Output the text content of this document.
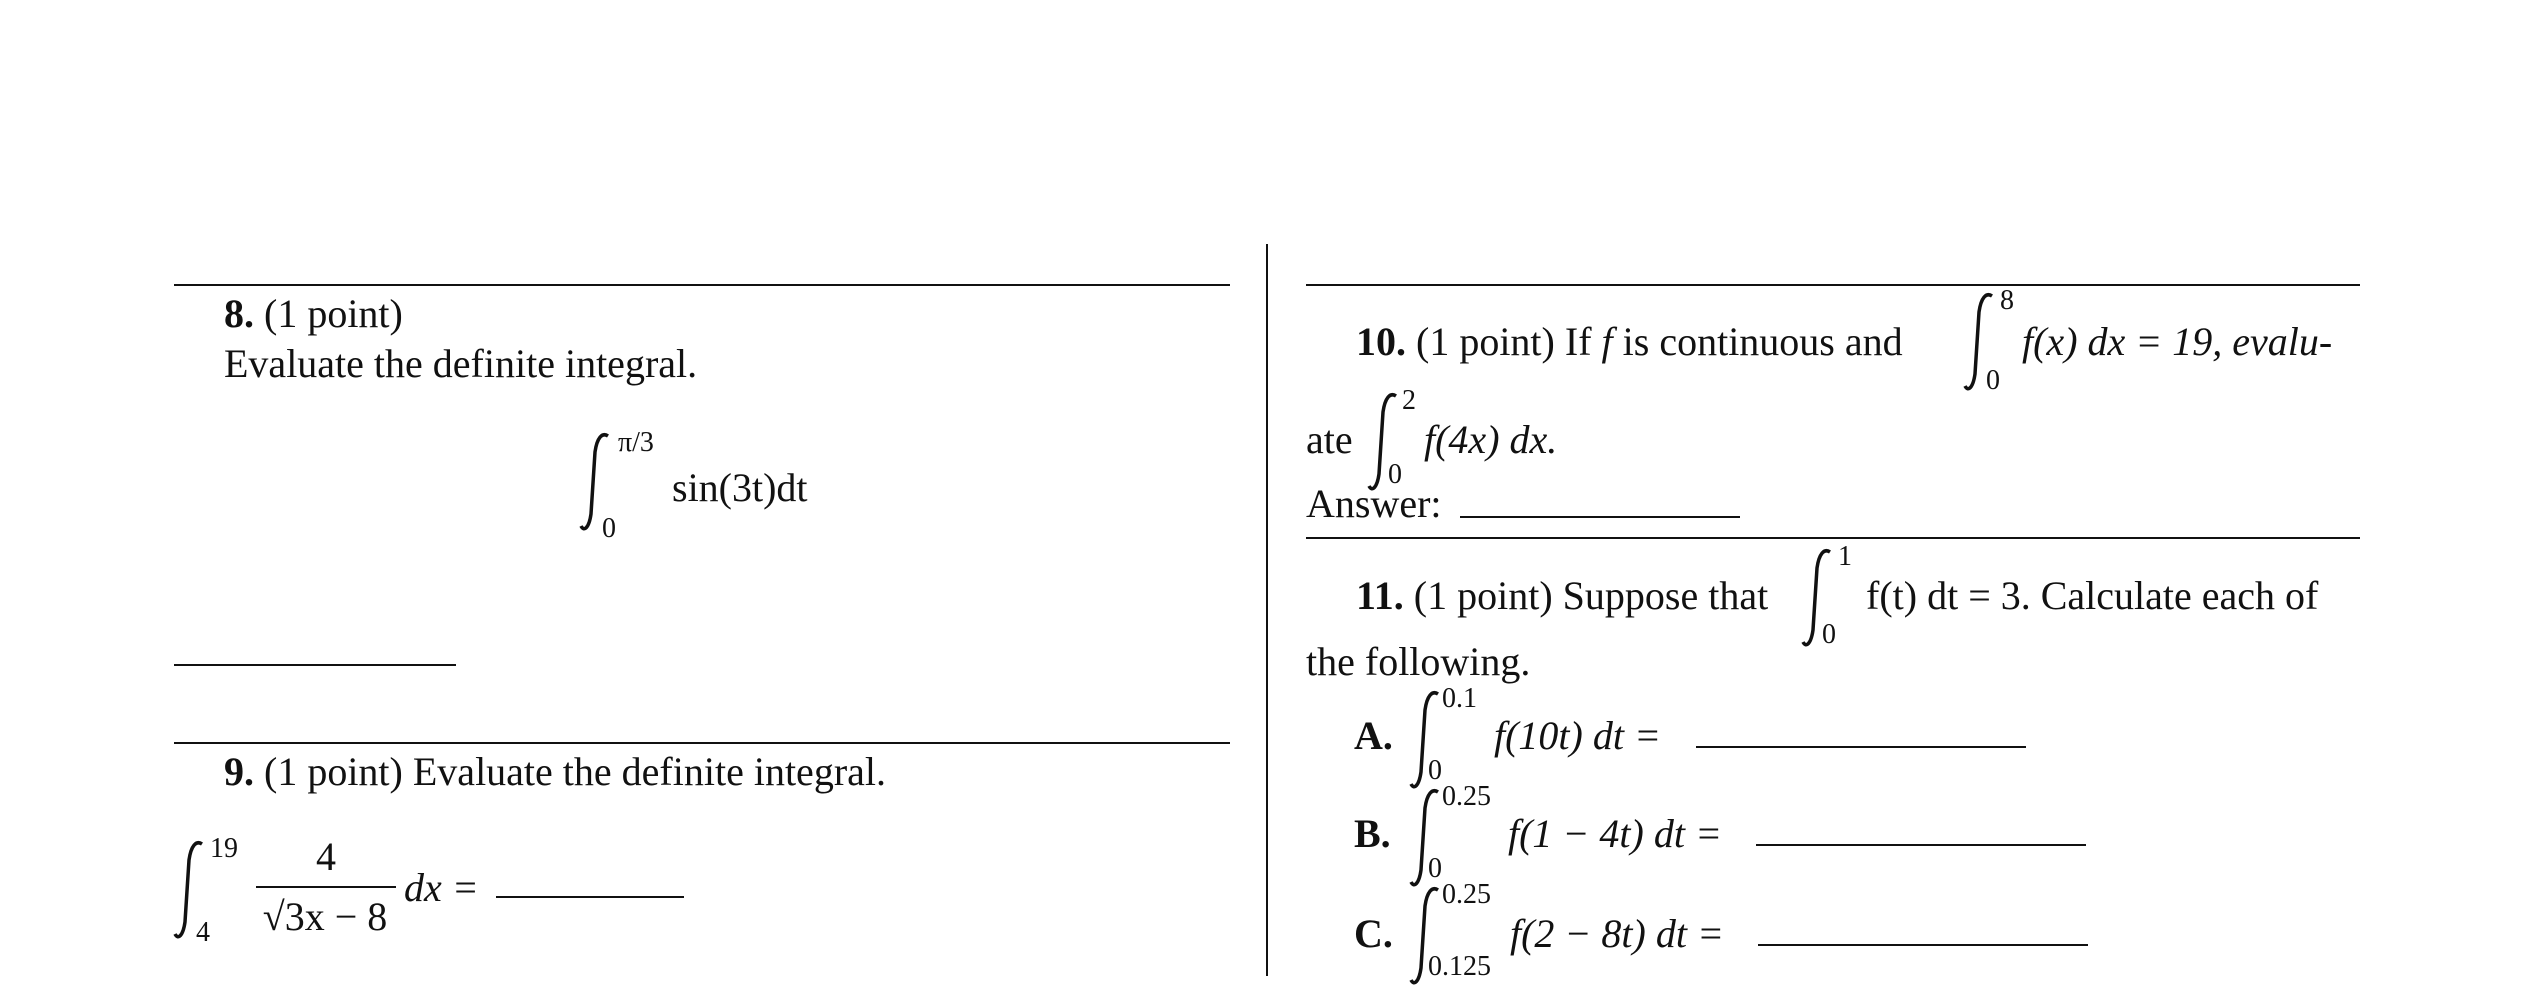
8. (1 point)
Evaluate the definite integral.
π/3
0
sin(3t)dt
9. (1 point) Evaluate the definite integral.
19
4
4
√3x − 8
dx =
10. (1 point) If f is continuous and
8
0
f(x) dx = 19, evalu-
ate
2
0
f(4x) dx.
Answer:
11. (1 point) Suppose that
1
0
f(t) dt = 3. Calculate each of
the following.
A.
0.1
0
f(10t) dt =
B.
0.25
0
f(1 − 4t) dt =
C.
0.25
0.125
f(2 − 8t) dt =
